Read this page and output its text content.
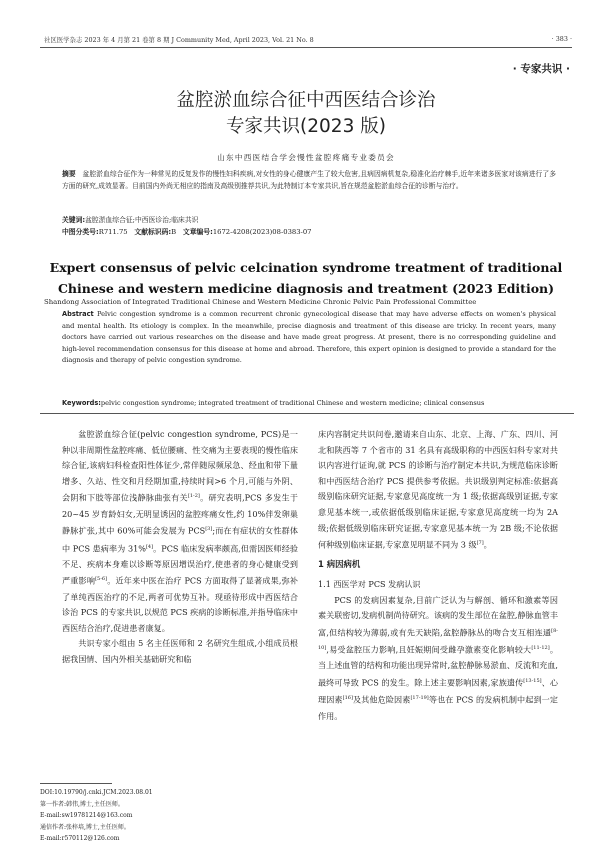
社区医学杂志 2023 年 4 月第 21 卷第 8 期 J Community Med, April 2023, Vol. 21 No. 8	· 383 ·
· 专家共识 ·
盆腔淤血综合征中西医结合诊治
专家共识(2023 版)
山东中西医结合学会慢性盆腔疼痛专业委员会
摘要  盆腔淤血综合征作为一种常见的反复发作的慢性妇科疾病,对女性的身心健康产生了较大危害,且病因病机复杂,稳准化治疗棘手,近年来诸多医家对该病进行了多方面的研究,成效显著。目前国内外尚无相应的指南及高级别推荐共识,为此特制订本专家共识,旨在规范盆腔淤血综合征的诊断与治疗。
关键词:盆腔淤血综合征;中西医诊治;临床共识
中图分类号:R711.75  文献标识码:B  文章编号:1672-4208(2023)08-0383-07
Expert consensus of pelvic celcination syndrome treatment of traditional
Chinese and western medicine diagnosis and treatment (2023 Edition)
Shandong Association of Integrated Traditional Chinese and Western Medicine Chronic Pelvic Pain Professional Committee
Abstract  Pelvic congestion syndrome is a common recurrent chronic gynecological disease that may have adverse effects on women's physical and mental health. Its etiology is complex. In the meanwhile, precise diagnosis and treatment of this disease are tricky. In recent years, many doctors have carried out various researches on the disease and have made great progress. At present, there is no corresponding guideline and high-level recommendation consensus for this disease at home and abroad. Therefore, this expert opinion is designed to provide a standard for the diagnosis and therapy of pelvic congestion syndrome.
Keywords:pelvic congestion syndrome; integrated treatment of traditional Chinese and western medicine; clinical consensus

盆腔淤血综合征(pelvic congestion syndrome, PCS)是一种以非周期性盆腔疼痛、低位腰痛、性交痛为主要表现的慢性临床综合征,该病妇科检查阳性体征少,常伴随尿频尿急、经血和带下量增多、久站、性交和月经期加重,持续时间>6 个月,可能与外阴、会阴和下肢等部位浅静脉曲张有关[1-2]。研究表明,PCS 多发生于 20~45 岁育龄妇女,无明显诱因的盆腔疼痛女性,约 10%伴发卵巢静脉扩张,其中 60%可能会发展为 PCS[3];而在有症状的女性群体中 PCS 患病率为 31%[4]。PCS 临床发病率颇高,但需因医师经验不足、疾病本身难以诊断等原因增误治疗,使患者的身心健康受到严重影响[5-6]。近年来中医在治疗 PCS 方面取得了显著成果,弥补了单纯西医治疗的不足,两者可优势互补。现亟待形成中西医结合诊治 PCS 的专家共识,以规范 PCS 疾病的诊断标准,并指导临床中西医结合治疗,促进患者康复。

共识专家小组由 5 名主任医师和 2 名研究生组成,小组成员根据我国情、国内外相关基础研究和临

DOI:10.19790/j.cnki.JCM.2023.08.01
第一作者:韩伟,博士,主任医师。
E-mail:sw19781214@163.com
通信作者:张梓培,博士,主任医师。
E-mail:r570112@126.com

床内容制定共识问卷,邀请来自山东、北京、上海、广东、四川、河北和陕西等 7 个省市的 31 名具有高级职称的中西医妇科专家对共识内容进行证询,就 PCS 的诊断与治疗制定本共识,为规范临床诊断和中西医结合治疗 PCS 提供参考依据。共识级别判定标准:依据高级别临床研究证据,专家意见高度统一为 1 级;依据高级别证据,专家意见基本统一,或依据低级别临床证据,专家意见高度统一均为 2A 级;依据低级别临床研究证据,专家意见基本统一为 2B 级;不论依据何种级别临床证据,专家意见明显不同为 3 级[7]。

1 病因病机
1.1 西医学对 PCS 发病认识

PCS 的发病因素复杂,目前广泛认为与解剖、循环和激素等因素关联密切,发病机制尚待研究。该病的发生部位在盆腔,静脉血管丰富,但结构较为薄弱,或有先天缺陷,盆腔静脉丛的吻合支互相连通[8-10],易受盆腔压力影响,且妊娠期间受雌孕激素变化影响较大[11-12]。当上述血管的结构和功能出现异常时,盆腔静脉易淤血、反流和充血,最终可导致 PCS 的发生。除上述主要影响因素,家族遗传[13-15]、心理因素[16]及其他危险因素[17-19]等也在 PCS 的发病机制中起到一定作用。
